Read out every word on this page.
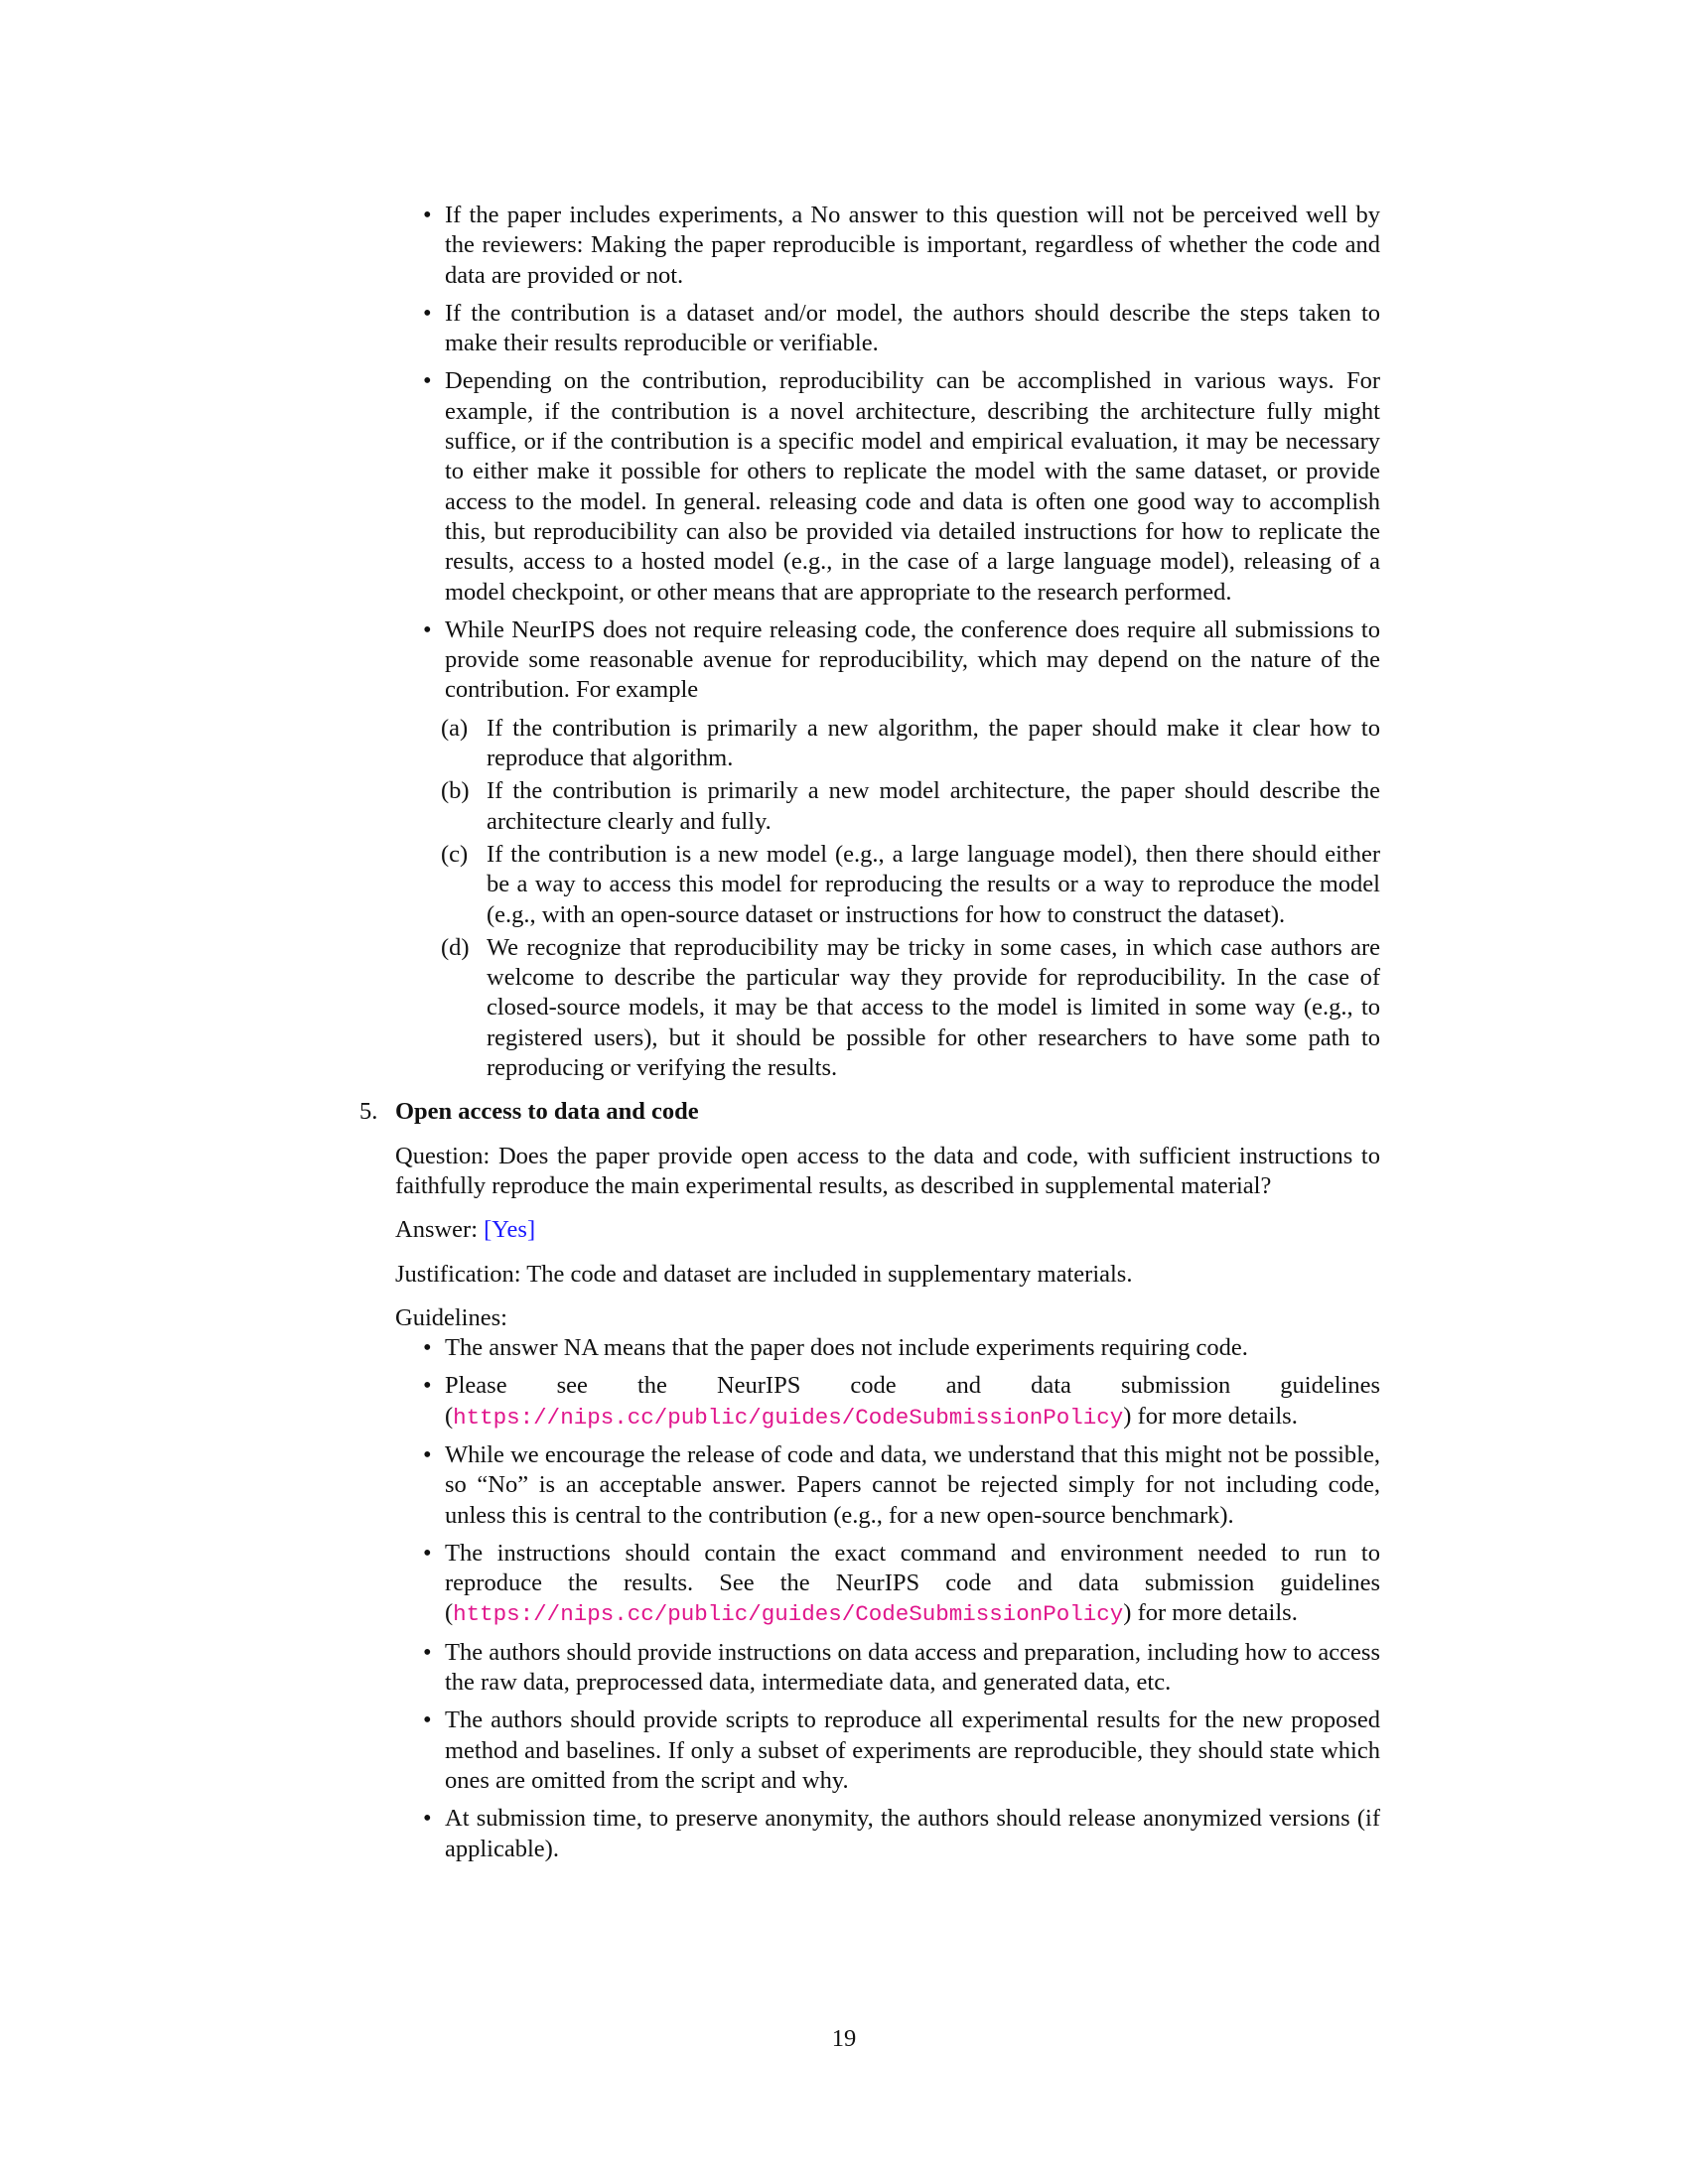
• If the paper includes experiments, a No answer to this question will not be perceived well by the reviewers: Making the paper reproducible is important, regardless of whether the code and data are provided or not.
• If the contribution is a dataset and/or model, the authors should describe the steps taken to make their results reproducible or verifiable.
• Depending on the contribution, reproducibility can be accomplished in various ways. For example, if the contribution is a novel architecture, describing the architecture fully might suffice, or if the contribution is a specific model and empirical evaluation, it may be necessary to either make it possible for others to replicate the model with the same dataset, or provide access to the model. In general. releasing code and data is often one good way to accomplish this, but reproducibility can also be provided via detailed instructions for how to replicate the results, access to a hosted model (e.g., in the case of a large language model), releasing of a model checkpoint, or other means that are appropriate to the research performed.
• While NeurIPS does not require releasing code, the conference does require all submissions to provide some reasonable avenue for reproducibility, which may depend on the nature of the contribution. For example
(a) If the contribution is primarily a new algorithm, the paper should make it clear how to reproduce that algorithm.
(b) If the contribution is primarily a new model architecture, the paper should describe the architecture clearly and fully.
(c) If the contribution is a new model (e.g., a large language model), then there should either be a way to access this model for reproducing the results or a way to reproduce the model (e.g., with an open-source dataset or instructions for how to construct the dataset).
(d) We recognize that reproducibility may be tricky in some cases, in which case authors are welcome to describe the particular way they provide for reproducibility. In the case of closed-source models, it may be that access to the model is limited in some way (e.g., to registered users), but it should be possible for other researchers to have some path to reproducing or verifying the results.
5. Open access to data and code

Question: Does the paper provide open access to the data and code, with sufficient instructions to faithfully reproduce the main experimental results, as described in supplemental material?

Answer: [Yes]

Justification: The code and dataset are included in supplementary materials.

Guidelines:

• The answer NA means that the paper does not include experiments requiring code.
• Please see the NeurIPS code and data submission guidelines (https://nips.cc/public/guides/CodeSubmissionPolicy) for more details.
• While we encourage the release of code and data, we understand that this might not be possible, so “No” is an acceptable answer. Papers cannot be rejected simply for not including code, unless this is central to the contribution (e.g., for a new open-source benchmark).
• The instructions should contain the exact command and environment needed to run to reproduce the results. See the NeurIPS code and data submission guidelines (https://nips.cc/public/guides/CodeSubmissionPolicy) for more details.
• The authors should provide instructions on data access and preparation, including how to access the raw data, preprocessed data, intermediate data, and generated data, etc.
• The authors should provide scripts to reproduce all experimental results for the new proposed method and baselines. If only a subset of experiments are reproducible, they should state which ones are omitted from the script and why.
• At submission time, to preserve anonymity, the authors should release anonymized versions (if applicable).
19
